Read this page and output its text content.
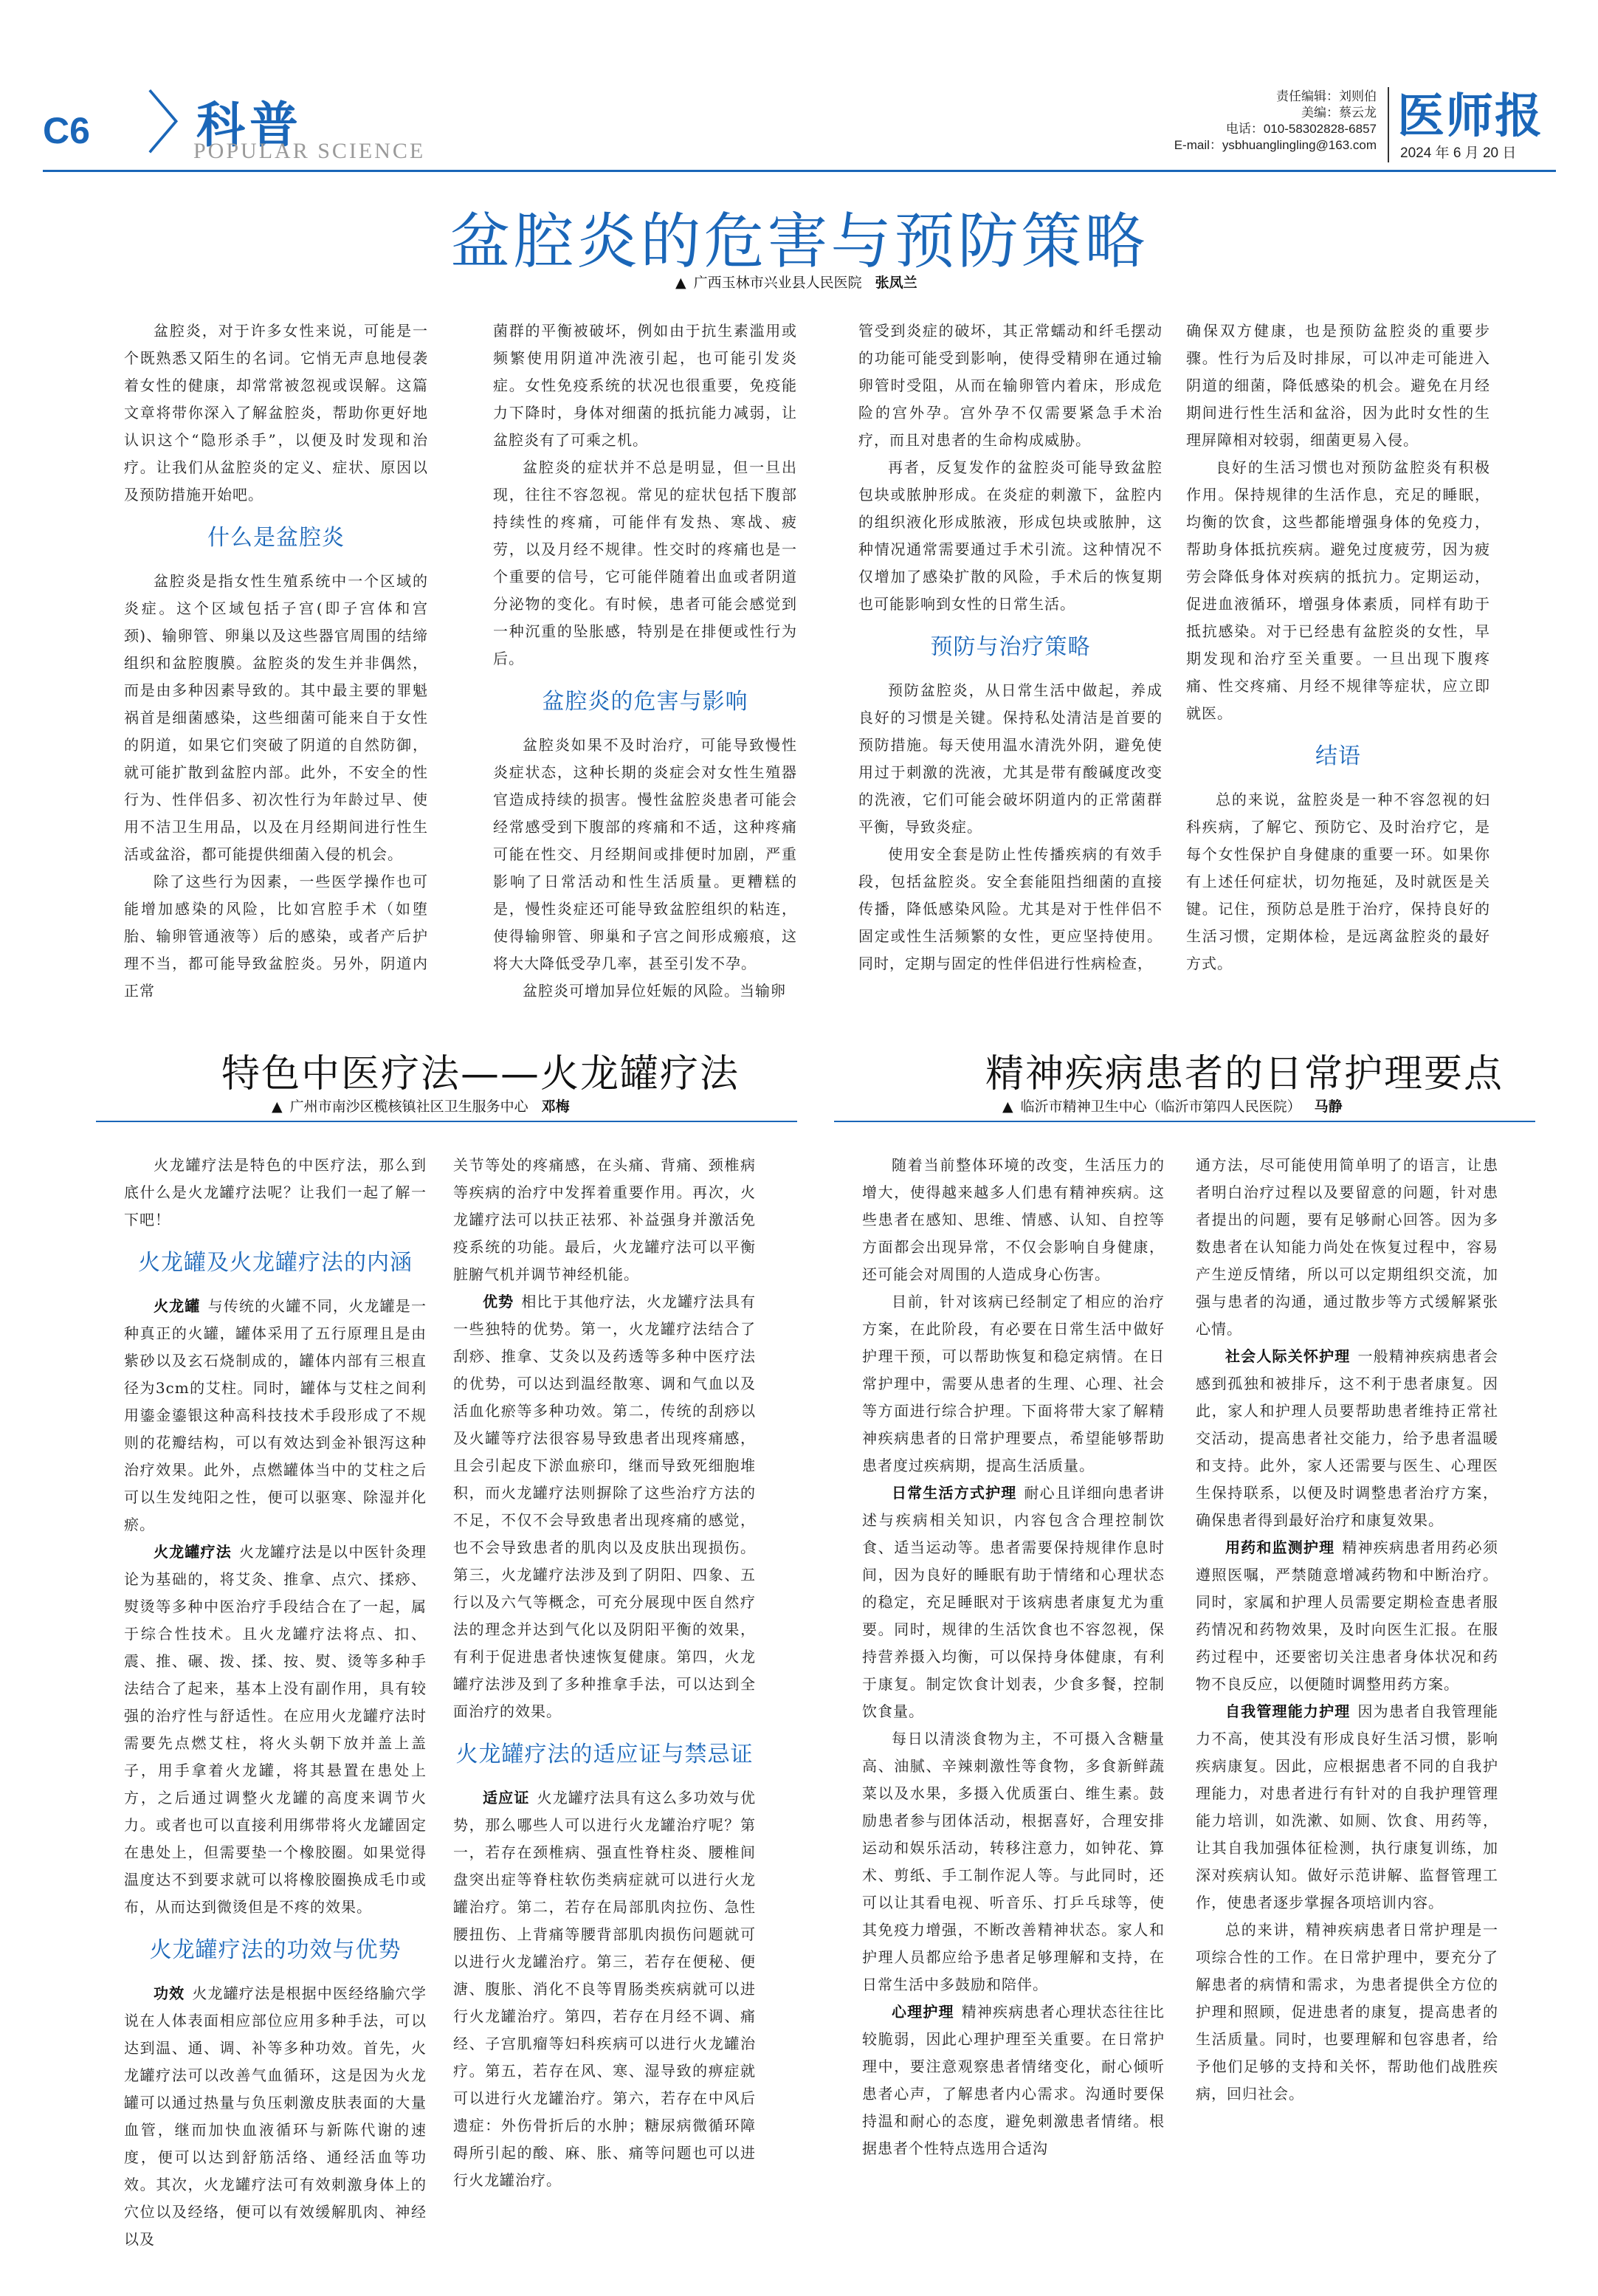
C6 〉
科普
POPULAR SCIENCE
责任编辑：刘则伯
美编：蔡云龙
电话：010-58302828-6857
E-mail：ysbhuanglingling@163.com
医师报
2024 年 6 月 20 日
盆腔炎的危害与预防策略
▲ 广西玉林市兴业县人民医院 张凤兰

盆腔炎，对于许多女性来说，可能是一个既熟悉又陌生的名词。它悄无声息地侵袭着女性的健康，却常常被忽视或误解。这篇文章将带你深入了解盆腔炎，帮助你更好地认识这个“隐形杀手”，以便及时发现和治疗。让我们从盆腔炎的定义、症状、原因以及预防措施开始吧。

什么是盆腔炎

盆腔炎是指女性生殖系统中一个区域的炎症。这个区域包括子宫(即子宫体和宫颈)、输卵管、卵巢以及这些器官周围的结缔组织和盆腔腹膜。盆腔炎的发生并非偶然，而是由多种因素导致的。其中最主要的罪魁祸首是细菌感染，这些细菌可能来自于女性的阴道，如果它们突破了阴道的自然防御，就可能扩散到盆腔内部。此外，不安全的性行为、性伴侣多、初次性行为年龄过早、使用不洁卫生用品，以及在月经期间进行性生活或盆浴，都可能提供细菌入侵的机会。

除了这些行为因素，一些医学操作也可能增加感染的风险，比如宫腔手术（如堕胎、输卵管通液等）后的感染，或者产后护理不当，都可能导致盆腔炎。另外，阴道内正常

菌群的平衡被破坏，例如由于抗生素滥用或频繁使用阴道冲洗液引起，也可能引发炎症。女性免疫系统的状况也很重要，免疫能力下降时，身体对细菌的抵抗能力减弱，让盆腔炎有了可乘之机。

盆腔炎的症状并不总是明显，但一旦出现，往往不容忽视。常见的症状包括下腹部持续性的疼痛，可能伴有发热、寒战、疲劳，以及月经不规律。性交时的疼痛也是一个重要的信号，它可能伴随着出血或者阴道分泌物的变化。有时候，患者可能会感觉到一种沉重的坠胀感，特别是在排便或性行为后。

盆腔炎的危害与影响

盆腔炎如果不及时治疗，可能导致慢性炎症状态，这种长期的炎症会对女性生殖器官造成持续的损害。慢性盆腔炎患者可能会经常感受到下腹部的疼痛和不适，这种疼痛可能在性交、月经期间或排便时加剧，严重影响了日常活动和性生活质量。更糟糕的是，慢性炎症还可能导致盆腔组织的粘连，使得输卵管、卵巢和子宫之间形成瘢痕，这将大大降低受孕几率，甚至引发不孕。

盆腔炎可增加异位妊娠的风险。当输卵

管受到炎症的破坏，其正常蠕动和纤毛摆动的功能可能受到影响，使得受精卵在通过输卵管时受阻，从而在输卵管内着床，形成危险的宫外孕。宫外孕不仅需要紧急手术治疗，而且对患者的生命构成威胁。

再者，反复发作的盆腔炎可能导致盆腔包块或脓肿形成。在炎症的刺激下，盆腔内的组织液化形成脓液，形成包块或脓肿，这种情况通常需要通过手术引流。这种情况不仅增加了感染扩散的风险，手术后的恢复期也可能影响到女性的日常生活。

预防与治疗策略

预防盆腔炎，从日常生活中做起，养成良好的习惯是关键。保持私处清洁是首要的预防措施。每天使用温水清洗外阴，避免使用过于刺激的洗液，尤其是带有酸碱度改变的洗液，它们可能会破坏阴道内的正常菌群平衡，导致炎症。

使用安全套是防止性传播疾病的有效手段，包括盆腔炎。安全套能阻挡细菌的直接传播，降低感染风险。尤其是对于性伴侣不固定或性生活频繁的女性，更应坚持使用。同时，定期与固定的性伴侣进行性病检查，

确保双方健康，也是预防盆腔炎的重要步骤。性行为后及时排尿，可以冲走可能进入阴道的细菌，降低感染的机会。避免在月经期间进行性生活和盆浴，因为此时女性的生理屏障相对较弱，细菌更易入侵。

良好的生活习惯也对预防盆腔炎有积极作用。保持规律的生活作息，充足的睡眠，均衡的饮食，这些都能增强身体的免疫力，帮助身体抵抗疾病。避免过度疲劳，因为疲劳会降低身体对疾病的抵抗力。定期运动，促进血液循环，增强身体素质，同样有助于抵抗感染。对于已经患有盆腔炎的女性，早期发现和治疗至关重要。一旦出现下腹疼痛、性交疼痛、月经不规律等症状，应立即就医。

结语

总的来说，盆腔炎是一种不容忽视的妇科疾病，了解它、预防它、及时治疗它，是每个女性保护自身健康的重要一环。如果你有上述任何症状，切勿拖延，及时就医是关键。记住，预防总是胜于治疗，保持良好的生活习惯，定期体检，是远离盆腔炎的最好方式。

特色中医疗法——火龙罐疗法
▲ 广州市南沙区榄核镇社区卫生服务中心 邓梅

火龙罐疗法是特色的中医疗法，那么到底什么是火龙罐疗法呢？让我们一起了解一下吧！

火龙罐及火龙罐疗法的内涵

火龙罐 与传统的火罐不同，火龙罐是一种真正的火罐，罐体采用了五行原理且是由紫砂以及玄石烧制成的，罐体内部有三根直径为3cm的艾柱。同时，罐体与艾柱之间利用鎏金鎏银这种高科技技术手段形成了不规则的花瓣结构，可以有效达到金补银泻这种治疗效果。此外，点燃罐体当中的艾柱之后可以生发纯阳之性，便可以驱寒、除湿并化瘀。

火龙罐疗法 火龙罐疗法是以中医针灸理论为基础的，将艾灸、推拿、点穴、揉痧、熨烫等多种中医治疗手段结合在了一起，属于综合性技术。且火龙罐疗法将点、扣、震、推、碾、拨、揉、按、熨、烫等多种手法结合了起来，基本上没有副作用，具有较强的治疗性与舒适性。在应用火龙罐疗法时需要先点燃艾柱，将火头朝下放并盖上盖子，用手拿着火龙罐，将其悬置在患处上方，之后通过调整火龙罐的高度来调节火力。或者也可以直接利用绑带将火龙罐固定在患处上，但需要垫一个橡胶圈。如果觉得温度达不到要求就可以将橡胶圈换成毛巾或布，从而达到微烫但是不疼的效果。

火龙罐疗法的功效与优势

功效 火龙罐疗法是根据中医经络腧穴学说在人体表面相应部位应用多种手法，可以达到温、通、调、补等多种功效。首先，火龙罐疗法可以改善气血循环，这是因为火龙罐可以通过热量与负压刺激皮肤表面的大量血管，继而加快血液循环与新陈代谢的速度，便可以达到舒筋活络、通经活血等功效。其次，火龙罐疗法可有效刺激身体上的穴位以及经络，便可以有效缓解肌肉、神经以及

关节等处的疼痛感，在头痛、背痛、颈椎病等疾病的治疗中发挥着重要作用。再次，火龙罐疗法可以扶正祛邪、补益强身并激活免疫系统的功能。最后，火龙罐疗法可以平衡脏腑气机并调节神经机能。

优势 相比于其他疗法，火龙罐疗法具有一些独特的优势。第一，火龙罐疗法结合了刮痧、推拿、艾灸以及药透等多种中医疗法的优势，可以达到温经散寒、调和气血以及活血化瘀等多种功效。第二，传统的刮痧以及火罐等疗法很容易导致患者出现疼痛感，且会引起皮下淤血瘀印，继而导致死细胞堆积，而火龙罐疗法则摒除了这些治疗方法的不足，不仅不会导致患者出现疼痛的感觉，也不会导致患者的肌肉以及皮肤出现损伤。第三，火龙罐疗法涉及到了阴阳、四象、五行以及六气等概念，可充分展现中医自然疗法的理念并达到气化以及阴阳平衡的效果，有利于促进患者快速恢复健康。第四，火龙罐疗法涉及到了多种推拿手法，可以达到全面治疗的效果。

火龙罐疗法的适应证与禁忌证

适应证 火龙罐疗法具有这么多功效与优势，那么哪些人可以进行火龙罐治疗呢？第一，若存在颈椎病、强直性脊柱炎、腰椎间盘突出症等脊柱软伤类病症就可以进行火龙罐治疗。第二，若存在局部肌肉拉伤、急性腰扭伤、上背痛等腰背部肌肉损伤问题就可以进行火龙罐治疗。第三，若存在便秘、便溏、腹胀、消化不良等胃肠类疾病就可以进行火龙罐治疗。第四，若存在月经不调、痛经、子宫肌瘤等妇科疾病可以进行火龙罐治疗。第五，若存在风、寒、湿导致的痹症就可以进行火龙罐治疗。第六，若存在中风后遗症：外伤骨折后的水肿；糖尿病微循环障碍所引起的酸、麻、胀、痛等问题也可以进行火龙罐治疗。

精神疾病患者的日常护理要点
▲ 临沂市精神卫生中心（临沂市第四人民医院） 马静

随着当前整体环境的改变，生活压力的增大，使得越来越多人们患有精神疾病。这些患者在感知、思维、情感、认知、自控等方面都会出现异常，不仅会影响自身健康，还可能会对周围的人造成身心伤害。

目前，针对该病已经制定了相应的治疗方案，在此阶段，有必要在日常生活中做好护理干预，可以帮助恢复和稳定病情。在日常护理中，需要从患者的生理、心理、社会等方面进行综合护理。下面将带大家了解精神疾病患者的日常护理要点，希望能够帮助患者度过疾病期，提高生活质量。

日常生活方式护理 耐心且详细向患者讲述与疾病相关知识，内容包含合理控制饮食、适当运动等。患者需要保持规律作息时间，因为良好的睡眠有助于情绪和心理状态的稳定，充足睡眠对于该病患者康复尤为重要。同时，规律的生活饮食也不容忽视，保持营养摄入均衡，可以保持身体健康，有利于康复。制定饮食计划表，少食多餐，控制饮食量。

每日以清淡食物为主，不可摄入含糖量高、油腻、辛辣刺激性等食物，多食新鲜蔬菜以及水果，多摄入优质蛋白、维生素。鼓励患者参与团体活动，根据喜好，合理安排运动和娱乐活动，转移注意力，如钟花、算术、剪纸、手工制作泥人等。与此同时，还可以让其看电视、听音乐、打乒乓球等，使其免疫力增强，不断改善精神状态。家人和护理人员都应给予患者足够理解和支持，在日常生活中多鼓励和陪伴。

心理护理 精神疾病患者心理状态往往比较脆弱，因此心理护理至关重要。在日常护理中，要注意观察患者情绪变化，耐心倾听患者心声，了解患者内心需求。沟通时要保持温和耐心的态度，避免刺激患者情绪。根据患者个性特点选用合适沟

通方法，尽可能使用简单明了的语言，让患者明白治疗过程以及要留意的问题，针对患者提出的问题，要有足够耐心回答。因为多数患者在认知能力尚处在恢复过程中，容易产生逆反情绪，所以可以定期组织交流，加强与患者的沟通，通过散步等方式缓解紧张心情。

社会人际关怀护理 一般精神疾病患者会感到孤独和被排斥，这不利于患者康复。因此，家人和护理人员要帮助患者维持正常社交活动，提高患者社交能力，给予患者温暖和支持。此外，家人还需要与医生、心理医生保持联系，以便及时调整患者治疗方案，确保患者得到最好治疗和康复效果。

用药和监测护理 精神疾病患者用药必须遵照医嘱，严禁随意增减药物和中断治疗。同时，家属和护理人员需要定期检查患者服药情况和药物效果，及时向医生汇报。在服药过程中，还要密切关注患者身体状况和药物不良反应，以便随时调整用药方案。

自我管理能力护理 因为患者自我管理能力不高，使其没有形成良好生活习惯，影响疾病康复。因此，应根据患者不同的自我护理能力，对患者进行有针对的自我护理管理能力培训，如洗漱、如厕、饮食、用药等，让其自我加强体征检测，执行康复训练，加深对疾病认知。做好示范讲解、监督管理工作，使患者逐步掌握各项培训内容。

总的来讲，精神疾病患者日常护理是一项综合性的工作。在日常护理中，要充分了解患者的病情和需求，为患者提供全方位的护理和照顾，促进患者的康复，提高患者的生活质量。同时，也要理解和包容患者，给予他们足够的支持和关怀，帮助他们战胜疾病，回归社会。
